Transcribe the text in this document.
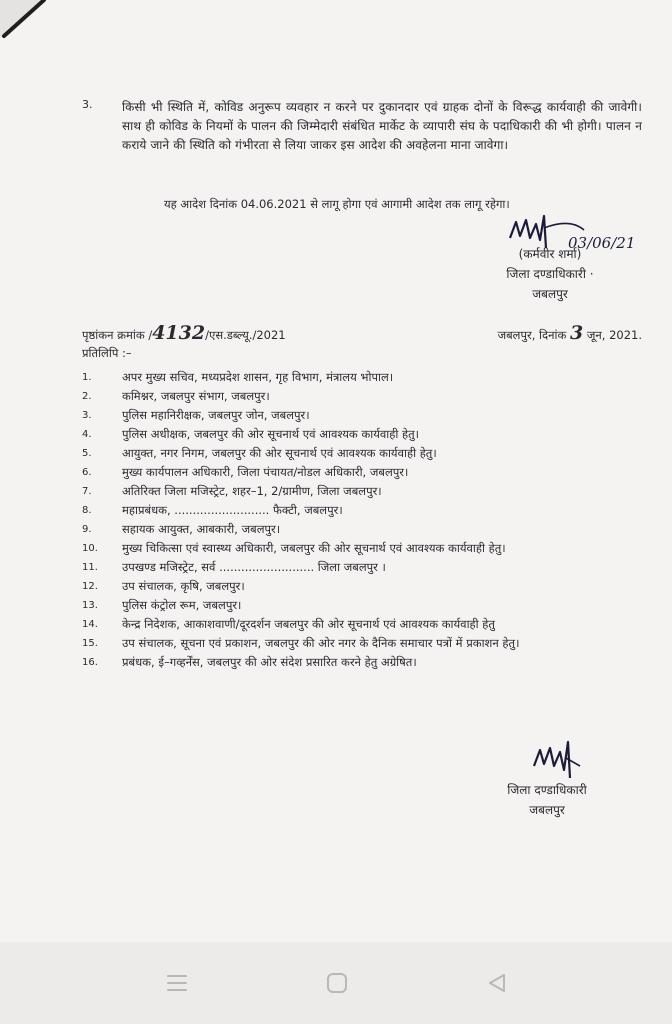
3. किसी भी स्थिति में, कोविड अनुरूप व्यवहार न करने पर दुकानदार एवं ग्राहक दोनों के विरूद्ध कार्यवाही की जावेगी। साथ ही कोविड के नियमों के पालन की जिम्मेदारी संबंधित मार्केट के व्यापारी संघ के पदाधिकारी की भी होगी। पालन न कराये जाने की स्थिति को गंभीरता से लिया जाकर इस आदेश की अवहेलना माना जावेगा।
यह आदेश दिनांक 04.06.2021 से लागू होगा एवं आगामी आदेश तक लागू रहेगा।
03/06/21
(कर्मवीर शर्मा)
जिला दण्डाधिकारी ·
जबलपुर
पृष्ठांकन क्रमांक /4132/एस.डब्ल्यू./2021	जबलपुर, दिनांक 3 जून, 2021.
प्रतिलिपि :–
1.	अपर मुख्य सचिव, मध्यप्रदेश शासन, गृह विभाग, मंत्रालय भोपाल।
2.	कमिश्नर, जबलपुर संभाग, जबलपुर।
3.	पुलिस महानिरीक्षक, जबलपुर जोन, जबलपुर।
4.	पुलिस अधीक्षक, जबलपुर की ओर सूचनार्थ एवं आवश्यक कार्यवाही हेतु।
5.	आयुक्त, नगर निगम, जबलपुर की ओर सूचनार्थ एवं आवश्यक कार्यवाही हेतु।
6.	मुख्य कार्यपालन अधिकारी, जिला पंचायत/नोडल अधिकारी, जबलपुर।
7.	अतिरिक्त जिला मजिस्ट्रेट, शहर–1, 2/ग्रामीण, जिला जबलपुर।
8.	महाप्रबंधक, .......................... फैक्टी, जबलपुर।
9.	सहायक आयुक्त, आबकारी, जबलपुर।
10.	मुख्य चिकित्सा एवं स्वास्थ्य अधिकारी, जबलपुर की ओर सूचनार्थ एवं आवश्यक कार्यवाही हेतु।
11.	उपखण्ड मजिस्ट्रेट, सर्व .......................... जिला जबलपुर ।
12.	उप संचालक, कृषि, जबलपुर।
13.	पुलिस कंट्रोल रूम, जबलपुर।
14.	केन्द्र निदेशक, आकाशवाणी/दूरदर्शन जबलपुर की ओर सूचनार्थ एवं आवश्यक कार्यवाही हेतु
15.	उप संचालक, सूचना एवं प्रकाशन, जबलपुर की ओर नगर के दैनिक समाचार पत्रों में प्रकाशन हेतु।
16.	प्रबंधक, ई–गव्हर्नेंस, जबलपुर की ओर संदेश प्रसारित करने हेतु अग्रेषित।
जिला दण्डाधिकारी
जबलपुर
